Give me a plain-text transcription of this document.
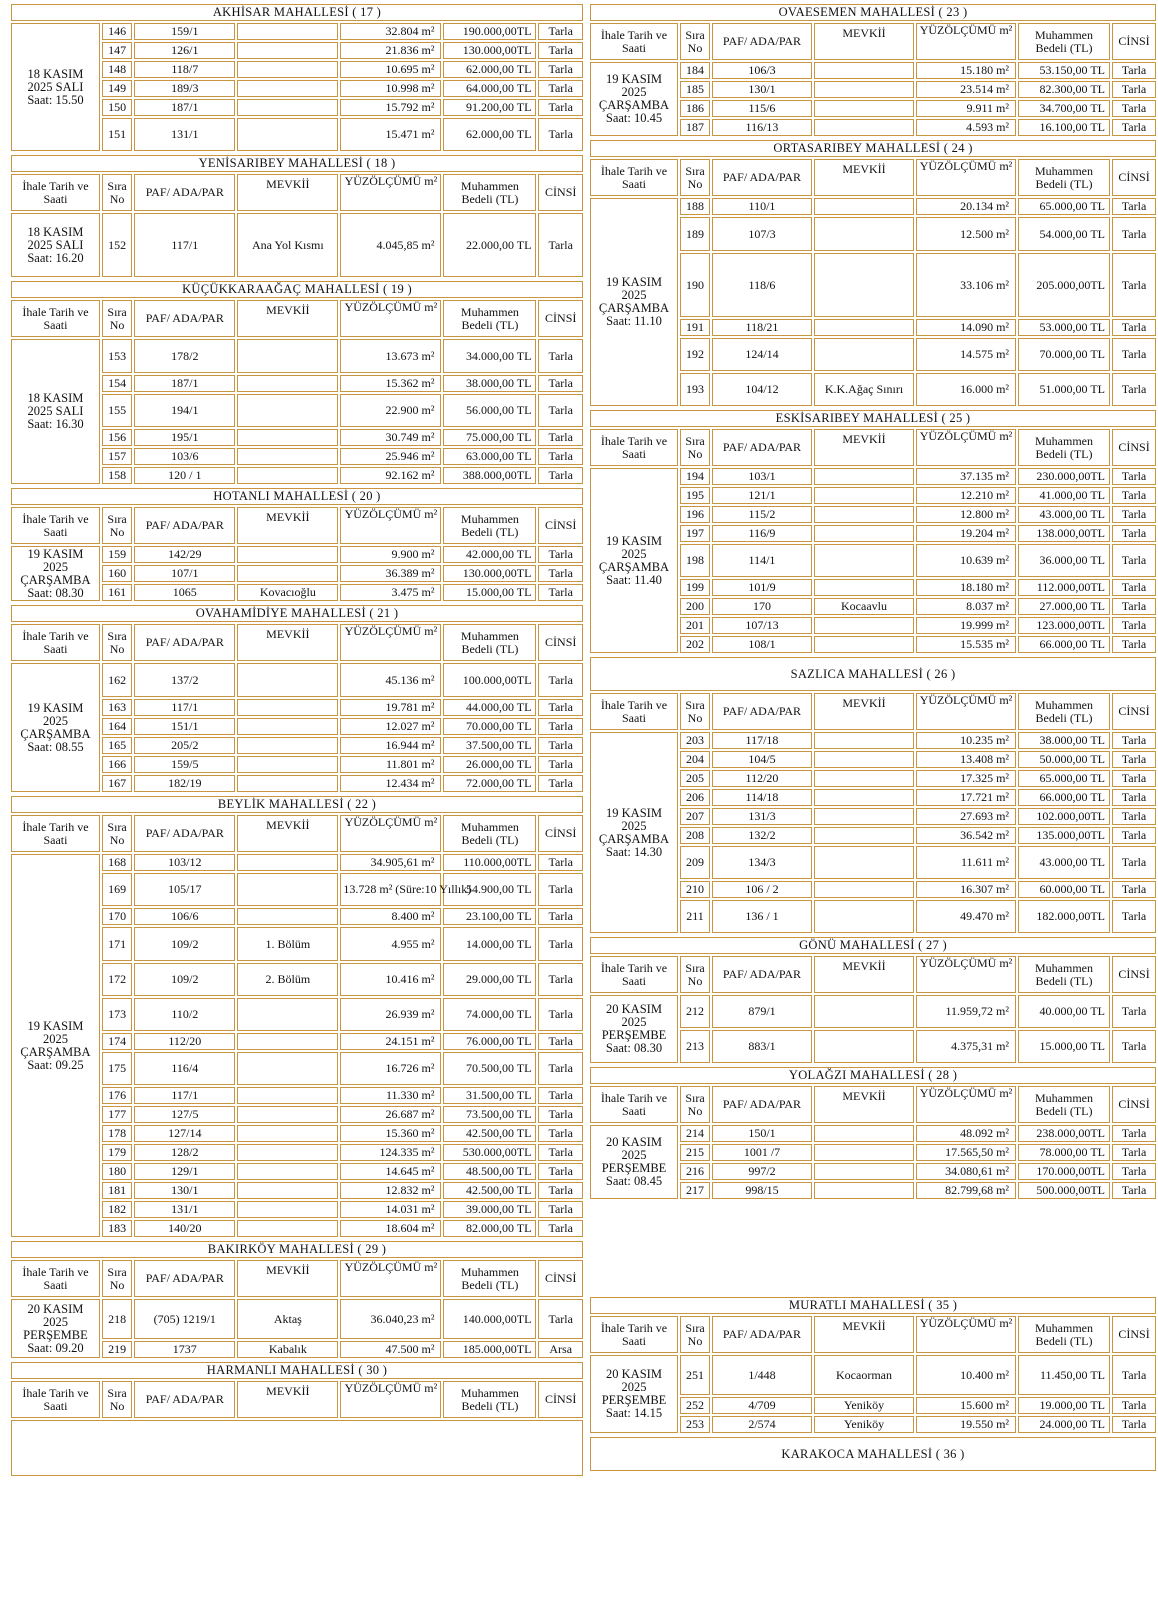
AKHİSAR MAHALLESİ ( 17 )						
18 KASIM 2025 SALI Saat: 15.50	146	159/1		32.804 m²	190.000,00TL	Tarla
	147	126/1		21.836 m²	130.000,00TL	Tarla
	148	118/7		10.695 m²	62.000,00 TL	Tarla
	149	189/3		10.998 m²	64.000,00 TL	Tarla
	150	187/1		15.792 m²	91.200,00 TL	Tarla
	151	131/1		15.471 m²	62.000,00 TL	Tarla
YENİSARIBEY MAHALLESİ ( 18 )						
İhale Tarih ve Saati	Sıra No	PAF/ ADA/PAR	MEVKİİ	YÜZÖLÇÜMÜ m²	Muhammen Bedeli (TL)	CİNSİ
18 KASIM 2025 SALI Saat: 16.20	152	117/1	Ana Yol Kısmı	4.045,85 m²	22.000,00 TL	Tarla
KÜÇÜKKARAAĞAÇ MAHALLESİ ( 19 )						
İhale Tarih ve Saati	Sıra No	PAF/ ADA/PAR	MEVKİİ	YÜZÖLÇÜMÜ m²	Muhammen Bedeli (TL)	CİNSİ
18 KASIM 2025 SALI Saat: 16.30	153	178/2		13.673 m²	34.000,00 TL	Tarla
	154	187/1		15.362 m²	38.000,00 TL	Tarla
	155	194/1		22.900 m²	56.000,00 TL	Tarla
	156	195/1		30.749 m²	75.000,00 TL	Tarla
	157	103/6		25.946 m²	63.000,00 TL	Tarla
	158	120 / 1		92.162 m²	388.000,00TL	Tarla
HOTANLI MAHALLESİ ( 20 )						
İhale Tarih ve Saati	Sıra No	PAF/ ADA/PAR	MEVKİİ	YÜZÖLÇÜMÜ m²	Muhammen Bedeli (TL)	CİNSİ
19 KASIM 2025 ÇARŞAMBA Saat: 08.30	159	142/29		9.900 m²	42.000,00 TL	Tarla
	160	107/1		36.389 m²	130.000,00TL	Tarla
	161	1065	Kovacıoğlu	3.475 m²	15.000,00 TL	Tarla
OVAHAMİDİYE MAHALLESİ ( 21 )						
İhale Tarih ve Saati	Sıra No	PAF/ ADA/PAR	MEVKİİ	YÜZÖLÇÜMÜ m²	Muhammen Bedeli (TL)	CİNSİ
19 KASIM 2025 ÇARŞAMBA Saat: 08.55	162	137/2		45.136 m²	100.000,00TL	Tarla
	163	117/1		19.781 m²	44.000,00 TL	Tarla
	164	151/1		12.027 m²	70.000,00 TL	Tarla
	165	205/2		16.944 m²	37.500,00 TL	Tarla
	166	159/5		11.801 m²	26.000,00 TL	Tarla
	167	182/19		12.434 m²	72.000,00 TL	Tarla
BEYLİK MAHALLESİ ( 22 )						
İhale Tarih ve Saati	Sıra No	PAF/ ADA/PAR	MEVKİİ	YÜZÖLÇÜMÜ m²	Muhammen Bedeli (TL)	CİNSİ
19 KASIM 2025 ÇARŞAMBA Saat: 09.25	168	103/12		34.905,61 m²	110.000,00TL	Tarla
	169	105/17		13.728 m² (Süre:10 Yıllık)	54.900,00 TL	Tarla
	170	106/6		8.400 m²	23.100,00 TL	Tarla
	171	109/2	1. Bölüm	4.955 m²	14.000,00 TL	Tarla
	172	109/2	2. Bölüm	10.416 m²	29.000,00 TL	Tarla
	173	110/2		26.939 m²	74.000,00 TL	Tarla
	174	112/20		24.151 m²	76.000,00 TL	Tarla
	175	116/4		16.726 m²	70.500,00 TL	Tarla
	176	117/1		11.330 m²	31.500,00 TL	Tarla
	177	127/5		26.687 m²	73.500,00 TL	Tarla
	178	127/14		15.360 m²	42.500,00 TL	Tarla
	179	128/2		124.335 m²	530.000,00TL	Tarla
	180	129/1		14.645 m²	48.500,00 TL	Tarla
	181	130/1		12.832 m²	42.500,00 TL	Tarla
	182	131/1		14.031 m²	39.000,00 TL	Tarla
	183	140/20		18.604 m²	82.000,00 TL	Tarla
BAKIRKÖY MAHALLESİ ( 29 )						
İhale Tarih ve Saati	Sıra No	PAF/ ADA/PAR	MEVKİİ	YÜZÖLÇÜMÜ m²	Muhammen Bedeli (TL)	CİNSİ
20 KASIM 2025 PERŞEMBE Saat: 09.20	218	(705) 1219/1	Aktaş	36.040,23 m²	140.000,00TL	Tarla
	219	1737	Kabalık	47.500 m²	185.000,00TL	Arsa
HARMANLI MAHALLESİ ( 30 )
İhale Tarih ve Saati	Sıra No	PAF/ ADA/PAR	MEVKİİ	YÜZÖLÇÜMÜ m²	Muhammen Bedeli (TL)	CİNSİ

OVAESEMEN MAHALLESİ ( 23 )						
İhale Tarih ve Saati	Sıra No	PAF/ ADA/PAR	MEVKİİ	YÜZÖLÇÜMÜ m²	Muhammen Bedeli (TL)	CİNSİ
19 KASIM 2025 ÇARŞAMBA Saat: 10.45	184	106/3		15.180 m²	53.150,00 TL	Tarla
	185	130/1		23.514 m²	82.300,00 TL	Tarla
	186	115/6		9.911 m²	34.700,00 TL	Tarla
	187	116/13		4.593 m²	16.100,00 TL	Tarla
ORTASARIBEY MAHALLESİ ( 24 )						
İhale Tarih ve Saati	Sıra No	PAF/ ADA/PAR	MEVKİİ	YÜZÖLÇÜMÜ m²	Muhammen Bedeli (TL)	CİNSİ
19 KASIM 2025 ÇARŞAMBA Saat: 11.10	188	110/1		20.134 m²	65.000,00 TL	Tarla
	189	107/3		12.500 m²	54.000,00 TL	Tarla
	190	118/6		33.106 m²	205.000,00TL	Tarla
	191	118/21		14.090 m²	53.000,00 TL	Tarla
	192	124/14		14.575 m²	70.000,00 TL	Tarla
	193	104/12	K.K.Ağaç Sınırı	16.000 m²	51.000,00 TL	Tarla
ESKİSARIBEY MAHALLESİ ( 25 )						
İhale Tarih ve Saati	Sıra No	PAF/ ADA/PAR	MEVKİİ	YÜZÖLÇÜMÜ m²	Muhammen Bedeli (TL)	CİNSİ
19 KASIM 2025 ÇARŞAMBA Saat: 11.40	194	103/1		37.135 m²	230.000,00TL	Tarla
	195	121/1		12.210 m²	41.000,00 TL	Tarla
	196	115/2		12.800 m²	43.000,00 TL	Tarla
	197	116/9		19.204 m²	138.000,00TL	Tarla
	198	114/1		10.639 m²	36.000,00 TL	Tarla
	199	101/9		18.180 m²	112.000,00TL	Tarla
	200	170	Kocaavlu	8.037 m²	27.000,00 TL	Tarla
	201	107/13		19.999 m²	123.000,00TL	Tarla
	202	108/1		15.535 m²	66.000,00 TL	Tarla
SAZLICA MAHALLESİ ( 26 )						
İhale Tarih ve Saati	Sıra No	PAF/ ADA/PAR	MEVKİİ	YÜZÖLÇÜMÜ m²	Muhammen Bedeli (TL)	CİNSİ
19 KASIM 2025 ÇARŞAMBA Saat: 14.30	203	117/18		10.235 m²	38.000,00 TL	Tarla
	204	104/5		13.408 m²	50.000,00 TL	Tarla
	205	112/20		17.325 m²	65.000,00 TL	Tarla
	206	114/18		17.721 m²	66.000,00 TL	Tarla
	207	131/3		27.693 m²	102.000,00TL	Tarla
	208	132/2		36.542 m²	135.000,00TL	Tarla
	209	134/3		11.611 m²	43.000,00 TL	Tarla
	210	106 / 2		16.307 m²	60.000,00 TL	Tarla
	211	136 / 1		49.470 m²	182.000,00TL	Tarla
GÖNÜ MAHALLESİ ( 27 )						
İhale Tarih ve Saati	Sıra No	PAF/ ADA/PAR	MEVKİİ	YÜZÖLÇÜMÜ m²	Muhammen Bedeli (TL)	CİNSİ
20 KASIM 2025 PERŞEMBE Saat: 08.30	212	879/1		11.959,72 m²	40.000,00 TL	Tarla
	213	883/1		4.375,31 m²	15.000,00 TL	Tarla
YOLAĞZI MAHALLESİ ( 28 )						
İhale Tarih ve Saati	Sıra No	PAF/ ADA/PAR	MEVKİİ	YÜZÖLÇÜMÜ m²	Muhammen Bedeli (TL)	CİNSİ
20 KASIM 2025 PERŞEMBE Saat: 08.45	214	150/1		48.092 m²	238.000,00TL	Tarla
	215	1001 /7		17.565,50 m²	78.000,00 TL	Tarla
	216	997/2		34.080,61 m²	170.000,00TL	Tarla
	217	998/15		82.799,68 m²	500.000,00TL	Tarla
MURATLI MAHALLESİ ( 35 )						
İhale Tarih ve Saati	Sıra No	PAF/ ADA/PAR	MEVKİİ	YÜZÖLÇÜMÜ m²	Muhammen Bedeli (TL)	CİNSİ
20 KASIM 2025 PERŞEMBE Saat: 14.15	251	1/448	Kocaorman	10.400 m²	11.450,00 TL	Tarla
	252	4/709	Yeniköy	15.600 m²	19.000,00 TL	Tarla
	253	2/574	Yeniköy	19.550 m²	24.000,00 TL	Tarla
KARAKOCA MAHALLESİ ( 36 )
